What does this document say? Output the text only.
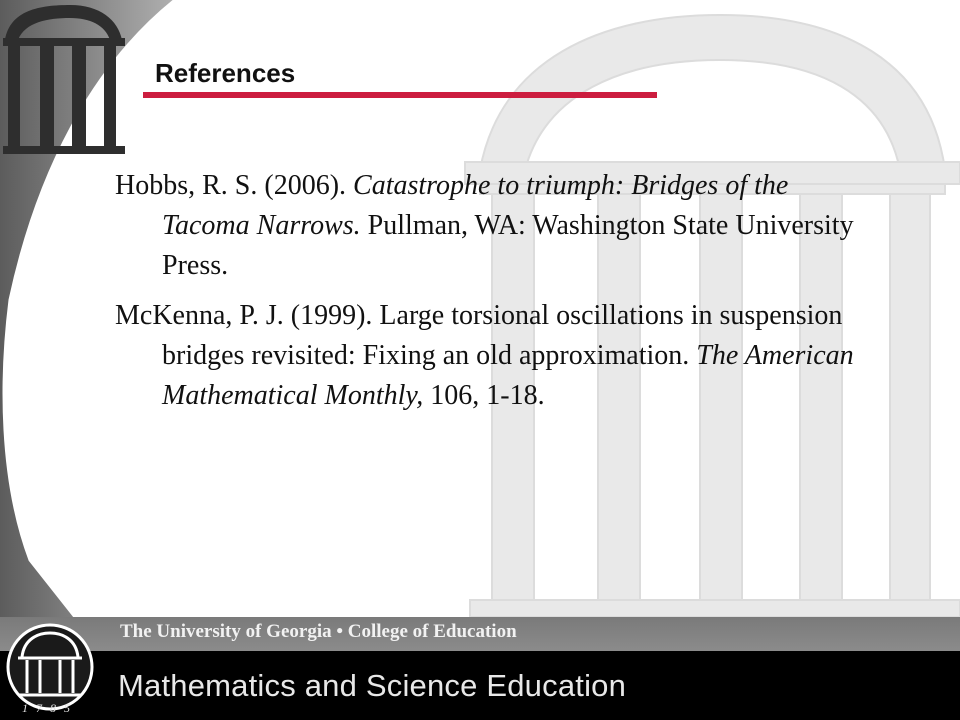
References

Hobbs, R. S. (2006). Catastrophe to triumph: Bridges of the Tacoma Narrows. Pullman, WA: Washington State University Press.

McKenna, P. J. (1999). Large torsional oscillations in suspension bridges revisited: Fixing an old approximation. The American Mathematical Monthly, 106, 1-18.

The University of Georgia • College of Education
Mathematics and Science Education
1785
